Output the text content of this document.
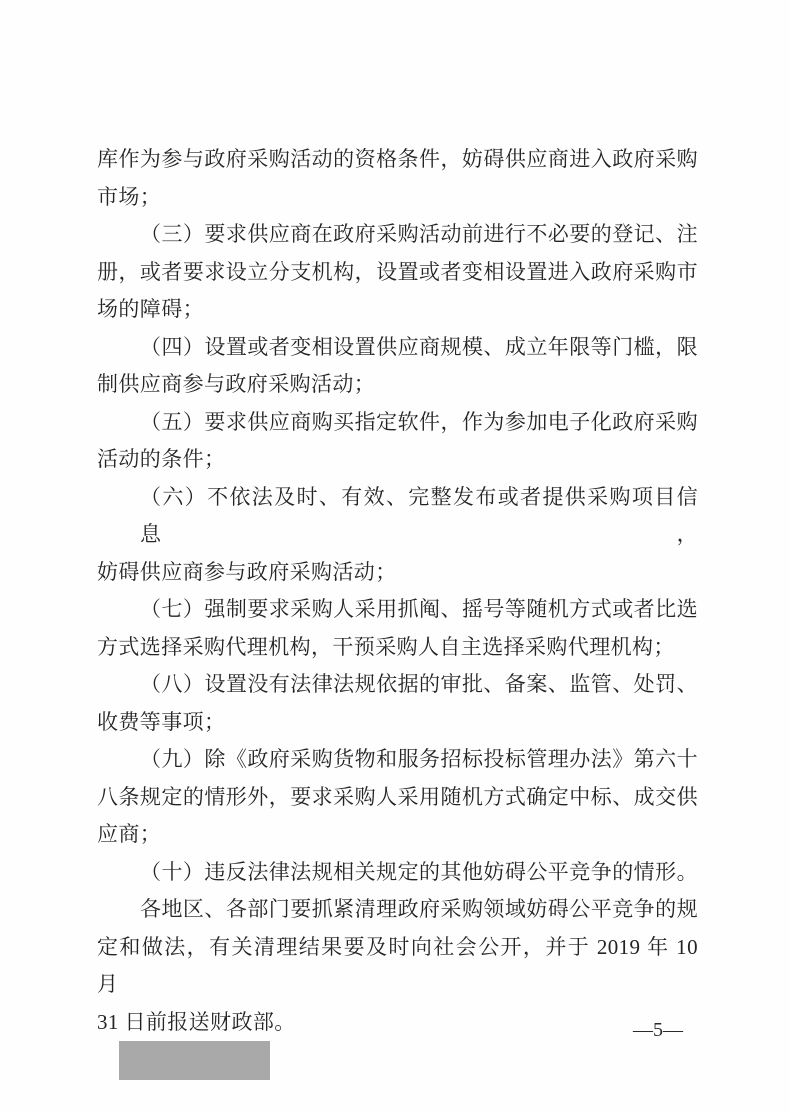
库作为参与政府采购活动的资格条件，妨碍供应商进入政府采购
市场；
（三）要求供应商在政府采购活动前进行不必要的登记、注
册，或者要求设立分支机构，设置或者变相设置进入政府采购市
场的障碍；
（四）设置或者变相设置供应商规模、成立年限等门槛，限
制供应商参与政府采购活动；
（五）要求供应商购买指定软件，作为参加电子化政府采购
活动的条件；
（六）不依法及时、有效、完整发布或者提供采购项目信息，
妨碍供应商参与政府采购活动；
（七）强制要求采购人采用抓阄、摇号等随机方式或者比选
方式选择采购代理机构，干预采购人自主选择采购代理机构；
（八）设置没有法律法规依据的审批、备案、监管、处罚、
收费等事项；
（九）除《政府采购货物和服务招标投标管理办法》第六十
八条规定的情形外，要求采购人采用随机方式确定中标、成交供
应商；
（十）违反法律法规相关规定的其他妨碍公平竞争的情形。
各地区、各部门要抓紧清理政府采购领域妨碍公平竞争的规
定和做法，有关清理结果要及时向社会公开，并于 2019 年 10 月
31 日前报送财政部。	—5—
